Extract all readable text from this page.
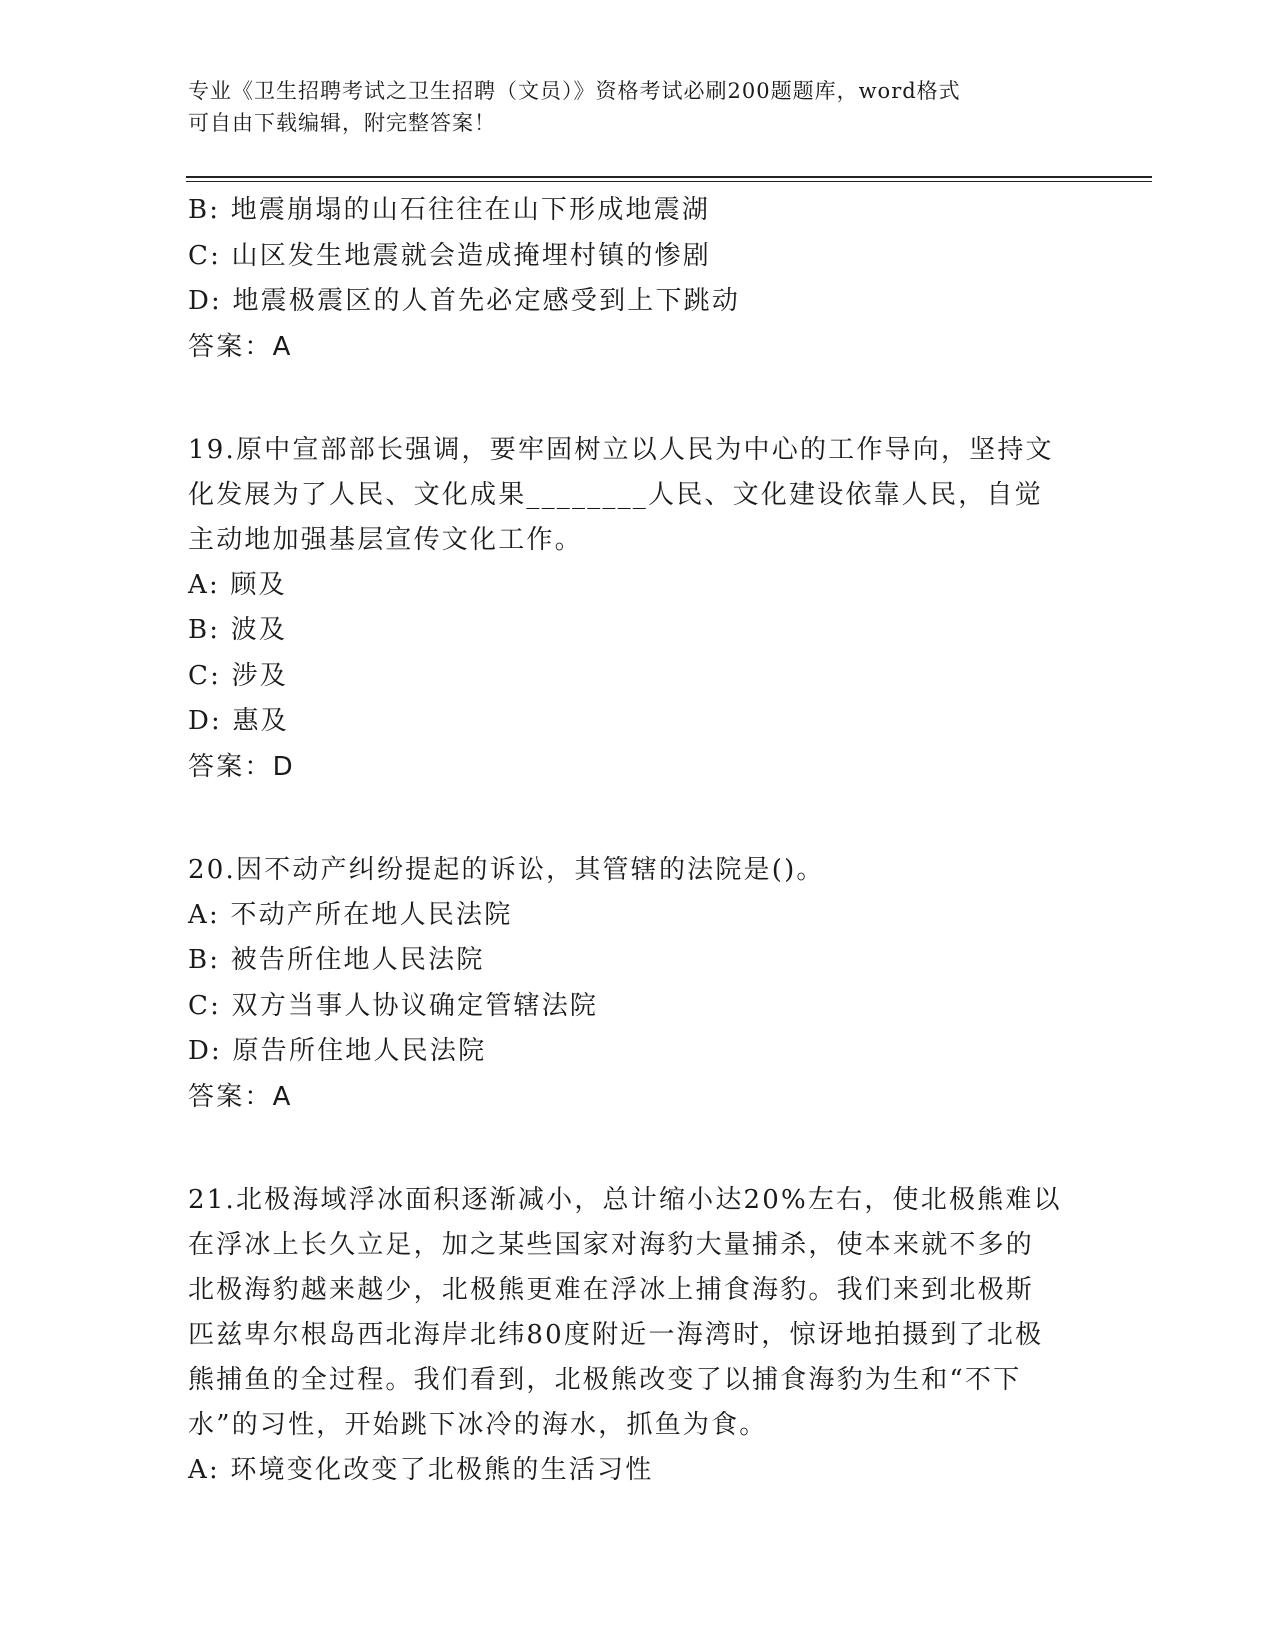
专业《卫生招聘考试之卫生招聘（文员）》资格考试必刷200题题库，word格式
可自由下载编辑，附完整答案！
B: 地震崩塌的山石往往在山下形成地震湖
C: 山区发生地震就会造成掩埋村镇的惨剧
D: 地震极震区的人首先必定感受到上下跳动
答案：A
19.原中宣部部长强调，要牢固树立以人民为中心的工作导向，坚持文
化发展为了人民、文化成果________人民、文化建设依靠人民，自觉
主动地加强基层宣传文化工作。
A: 顾及
B: 波及
C: 涉及
D: 惠及
答案：D
20.因不动产纠纷提起的诉讼，其管辖的法院是()。
A: 不动产所在地人民法院
B: 被告所住地人民法院
C: 双方当事人协议确定管辖法院
D: 原告所住地人民法院
答案：A
21.北极海域浮冰面积逐渐减小，总计缩小达20%左右，使北极熊难以
在浮冰上长久立足，加之某些国家对海豹大量捕杀，使本来就不多的
北极海豹越来越少，北极熊更难在浮冰上捕食海豹。我们来到北极斯
匹兹卑尔根岛西北海岸北纬80度附近一海湾时，惊讶地拍摄到了北极
熊捕鱼的全过程。我们看到，北极熊改变了以捕食海豹为生和“不下
水”的习性，开始跳下冰冷的海水，抓鱼为食。
A: 环境变化改变了北极熊的生活习性
